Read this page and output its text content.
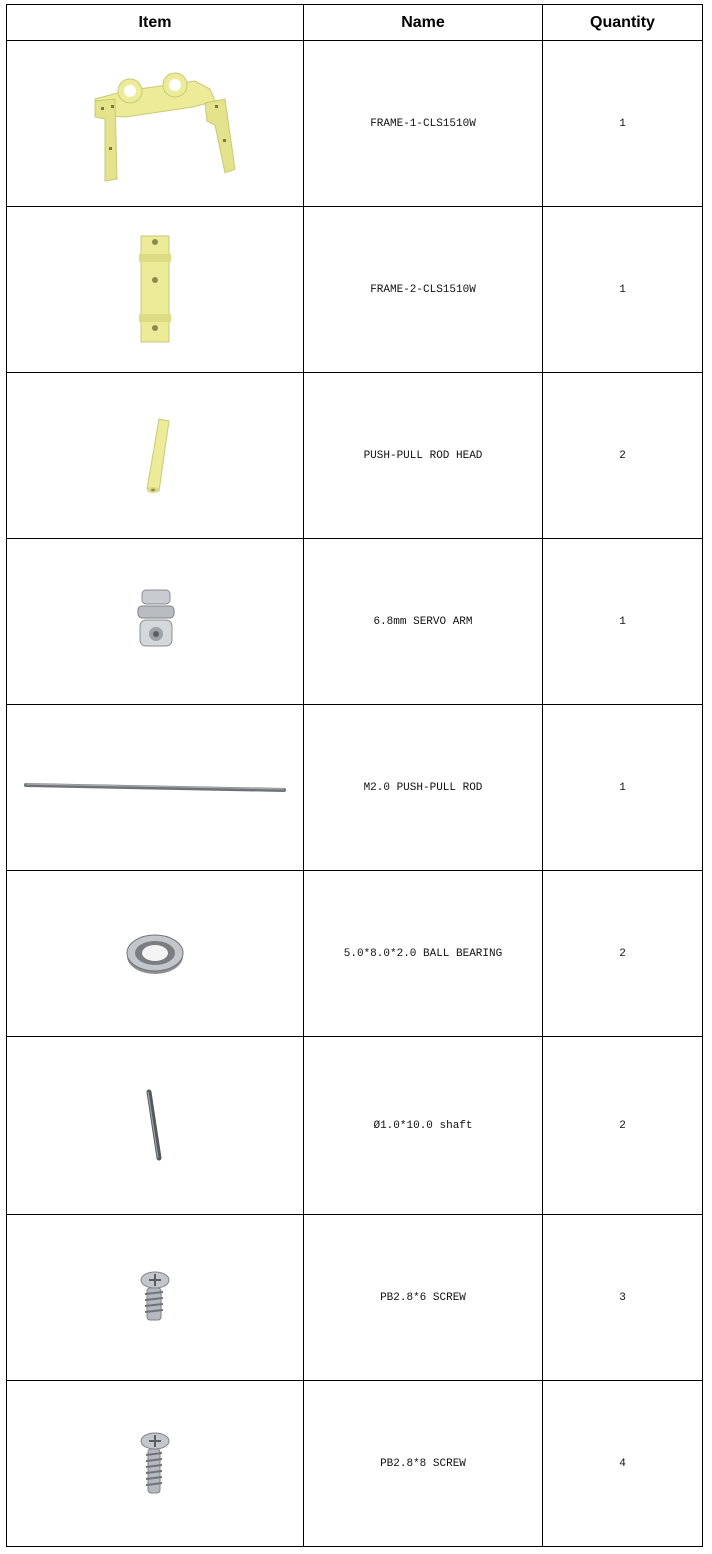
Item	Name	Quantity

	FRAME-1-CLS1510W	1

	FRAME-2-CLS1510W	1

	PUSH-PULL ROD HEAD	2

	6.8mm SERVO ARM	1

	M2.0 PUSH-PULL ROD	1

	5.0*8.0*2.0 BALL BEARING	2

	Ø1.0*10.0 shaft	2

	PB2.8*6 SCREW	3

	PB2.8*8 SCREW	4
